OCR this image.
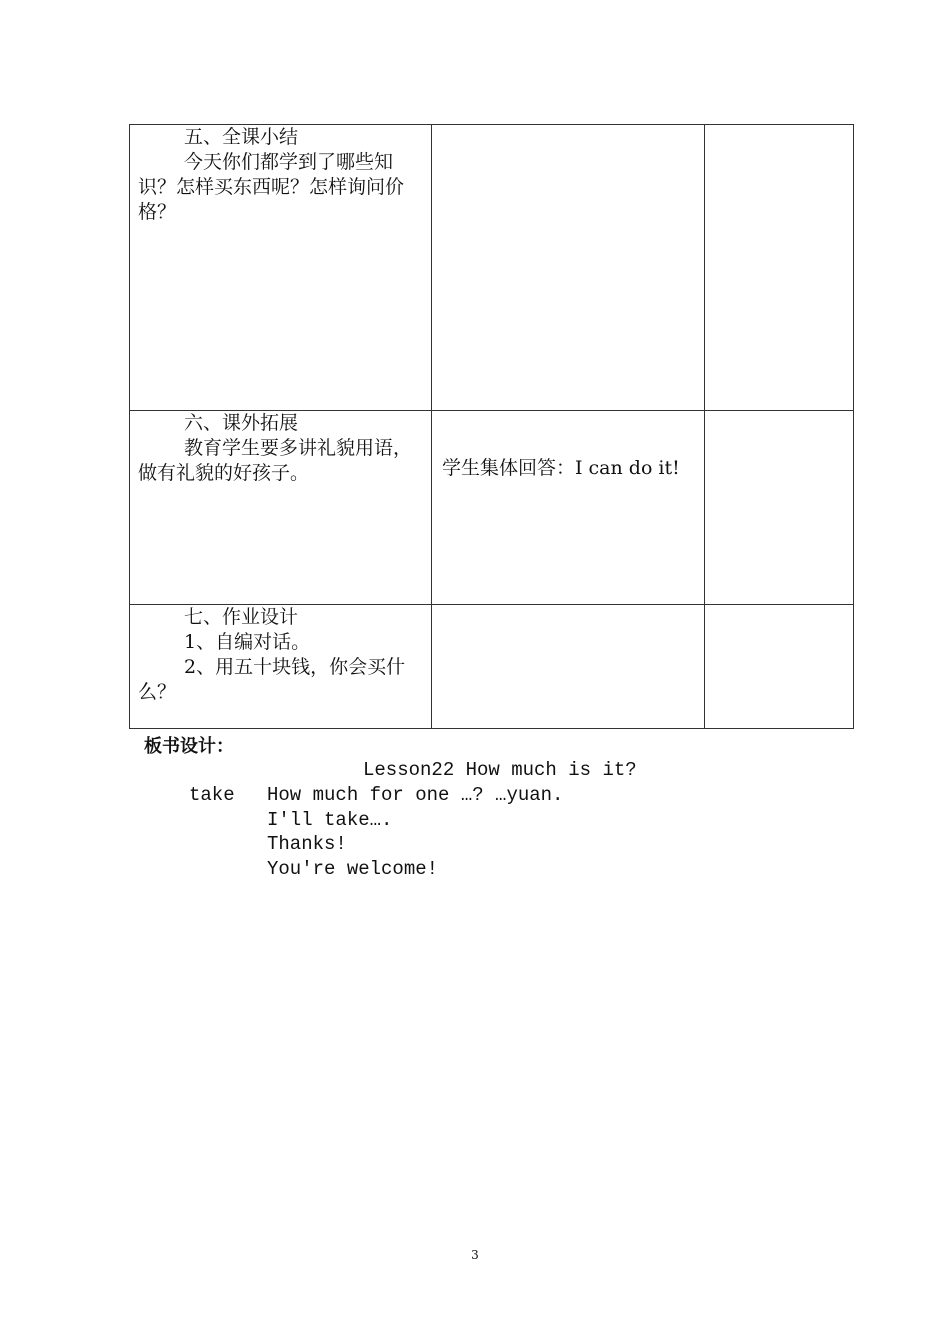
五、全课小结
今天你们都学到了哪些知识？怎样买东西呢？怎样询问价格？		

六、课外拓展
教育学生要多讲礼貌用语，做有礼貌的好孩子。	学生集体回答：I can do it!	

七、作业设计
1、自编对话。
2、用五十块钱，你会买什么？		

板书设计：
Lesson22 How much is it?
take How much for one …? …yuan.
I'll take….
Thanks!
You're welcome!
3
